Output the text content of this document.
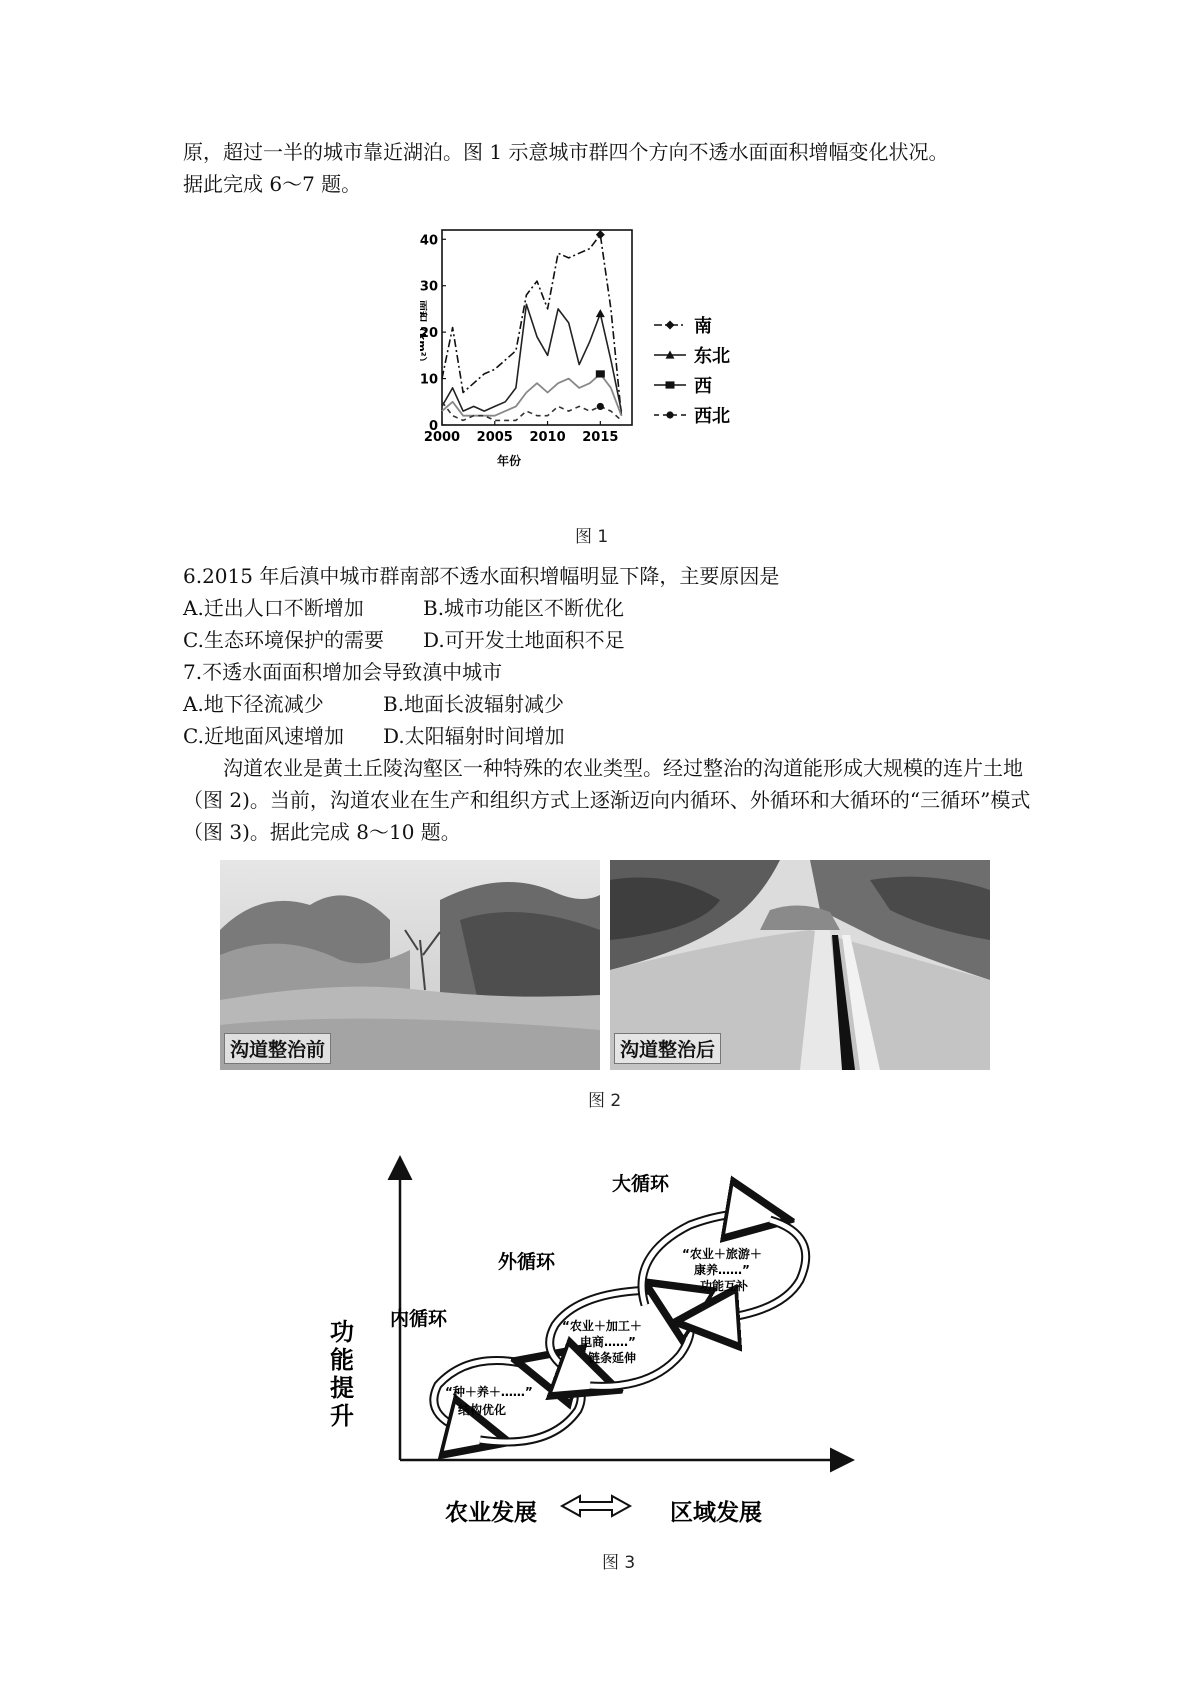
原，超过一半的城市靠近湖泊。图 1 示意城市群四个方向不透水面面积增幅变化状况。

据此完成 6～7 题。

0
10
20
30
40
2000 2005 2010 2015
年份
面积（km²）	南
东北
西
西北
图 1

6.2015 年后滇中城市群南部不透水面积增幅明显下降，主要原因是

A.迁出人口不断增加	B.城市功能区不断优化

C.生态环境保护的需要 D.可开发土地面积不足

7.不透水面面积增加会导致滇中城市

A.地下径流减少	B.地面长波辐射减少

C.近地面风速增加 D.太阳辐射时间增加

沟道农业是黄土丘陵沟壑区一种特殊的农业类型。经过整治的沟道能形成大规模的连片土地（图 2)。当前，沟道农业在生产和组织方式上逐渐迈向内循环、外循环和大循环的“三循环”模式（图 3)。据此完成 8～10 题。

沟道整治前	沟道整治后
图 2
功
能
提
升
农业发展	区域发展
内循环
“种＋养＋……”
结构优化
外循环
“农业＋加工＋
电商……”
链条延伸
大循环
“农业＋旅游＋
康养……”
功能互补
图 3
